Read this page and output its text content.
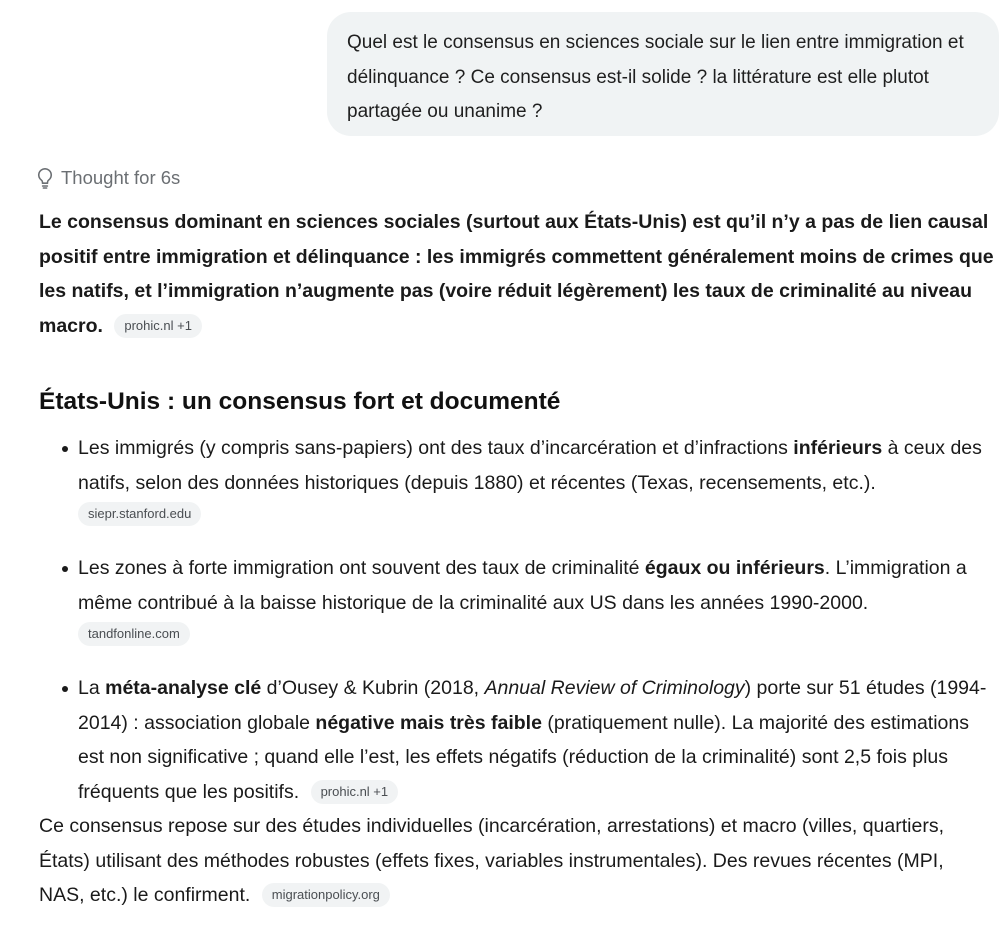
Quel est le consensus en sciences sociale sur le lien entre immigration et délinquance ? Ce consensus est-il solide ? la littérature est elle plutot partagée ou unanime ?
Thought for 6s

Le consensus dominant en sciences sociales (surtout aux États-Unis) est qu’il n’y a pas de lien causal positif entre immigration et délinquance : les immigrés commettent généralement moins de crimes que les natifs, et l’immigration n’augmente pas (voire réduit légèrement) les taux de criminalité au niveau macro. prohic.nl +1

États-Unis : un consensus fort et documenté
Les immigrés (y compris sans-papiers) ont des taux d’incarcération et d’infractions inférieurs à ceux des natifs, selon des données historiques (depuis 1880) et récentes (Texas, recensements, etc.).
siepr.stanford.edu
Les zones à forte immigration ont souvent des taux de criminalité égaux ou inférieurs. L’immigration a même contribué à la baisse historique de la criminalité aux US dans les années 1990-2000.
tandfonline.com
La méta-analyse clé d’Ousey & Kubrin (2018, Annual Review of Criminology) porte sur 51 études (1994-2014) : association globale négative mais très faible (pratiquement nulle). La majorité des estimations est non significative ; quand elle l’est, les effets négatifs (réduction de la criminalité) sont 2,5 fois plus fréquents que les positifs. prohic.nl +1

Ce consensus repose sur des études individuelles (incarcération, arrestations) et macro (villes, quartiers, États) utilisant des méthodes robustes (effets fixes, variables instrumentales). Des revues récentes (MPI, NAS, etc.) le confirment. migrationpolicy.org
